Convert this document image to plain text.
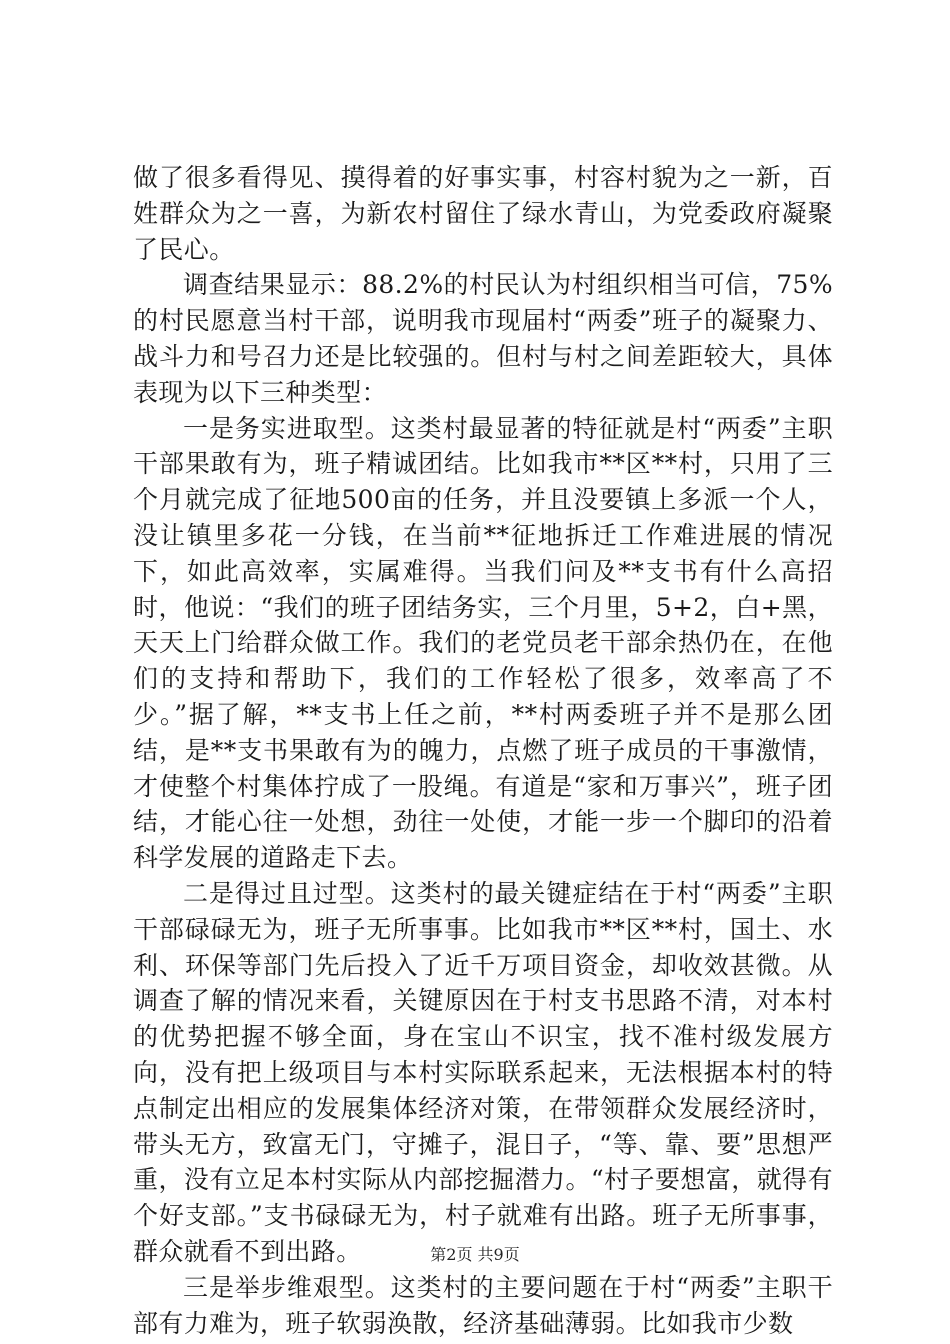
做了很多看得见、摸得着的好事实事，村容村貌为之一新，百姓群众为之一喜，为新农村留住了绿水青山，为党委政府凝聚了民心。

调查结果显示：88.2%的村民认为村组织相当可信，75%的村民愿意当村干部，说明我市现届村“两委”班子的凝聚力、战斗力和号召力还是比较强的。但村与村之间差距较大，具体表现为以下三种类型：

一是务实进取型。这类村最显著的特征就是村“两委”主职干部果敢有为，班子精诚团结。比如我市**区**村，只用了三个月就完成了征地500亩的任务，并且没要镇上多派一个人，没让镇里多花一分钱，在当前**征地拆迁工作难进展的情况下，如此高效率，实属难得。当我们问及**支书有什么高招时，他说：“我们的班子团结务实，三个月里，5+2，白+黑，天天上门给群众做工作。我们的老党员老干部余热仍在，在他们的支持和帮助下，我们的工作轻松了很多，效率高了不少。”据了解，**支书上任之前，**村两委班子并不是那么团结，是**支书果敢有为的魄力，点燃了班子成员的干事激情，才使整个村集体拧成了一股绳。有道是“家和万事兴”，班子团结，才能心往一处想，劲往一处使，才能一步一个脚印的沿着科学发展的道路走下去。

二是得过且过型。这类村的最关键症结在于村“两委”主职干部碌碌无为，班子无所事事。比如我市**区**村，国土、水利、环保等部门先后投入了近千万项目资金，却收效甚微。从调查了解的情况来看，关键原因在于村支书思路不清，对本村的优势把握不够全面，身在宝山不识宝，找不准村级发展方向，没有把上级项目与本村实际联系起来，无法根据本村的特点制定出相应的发展集体经济对策，在带领群众发展经济时，带头无方，致富无门，守摊子，混日子，“等、靠、要”思想严重，没有立足本村实际从内部挖掘潜力。“村子要想富，就得有个好支部。”支书碌碌无为，村子就难有出路。班子无所事事，群众就看不到出路。

三是举步维艰型。这类村的主要问题在于村“两委”主职干部有力难为，班子软弱涣散，经济基础薄弱。比如我市少数

第2页 共9页
